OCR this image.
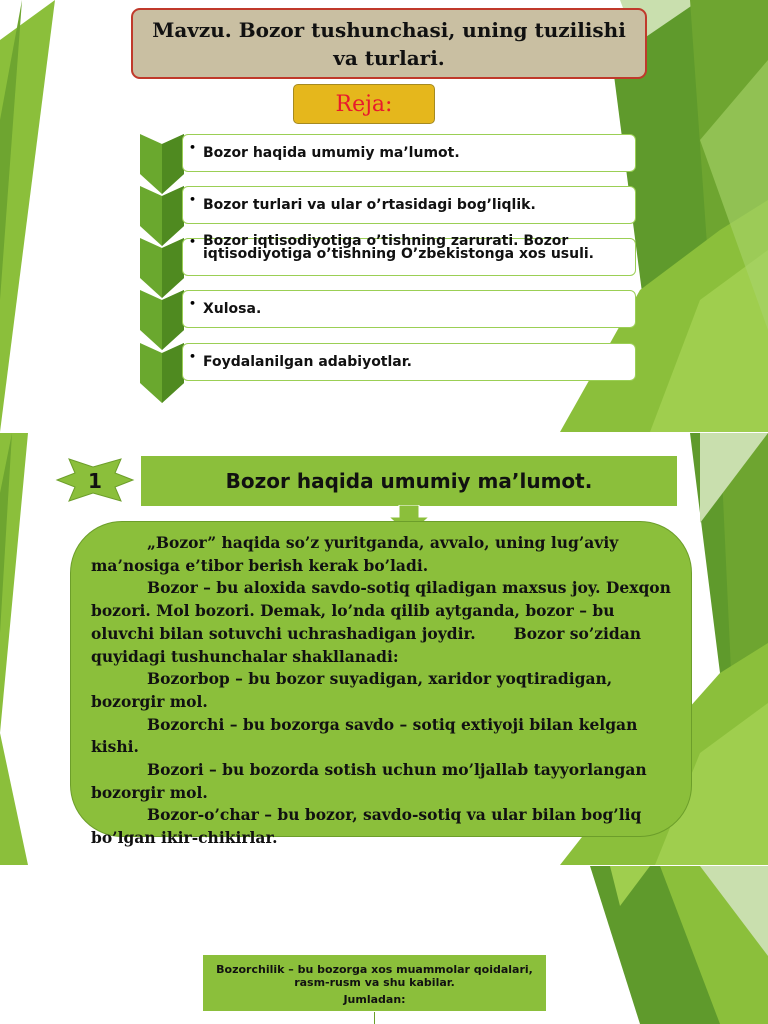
Mavzu. Bozor tushunchasi, uning tuzilishi va turlari.
Reja:
• Bozor haqida umumiy ma’lumot.
• Bozor turlari va ular o’rtasidagi bog’liqlik.
• Bozor iqtisodiyotiga o’tishning zarurati. Bozor iqtisodiyotiga o’tishning O’zbekistonga xos usuli.
• Xulosa.
• Foydalanilgan adabiyotlar.
1	Bozor haqida umumiy ma’lumot.

„Bozor” haqida so’z yuritganda, avvalo, uning lug’aviy ma’nosiga e’tibor berish kerak bo’ladi.

Bozor – bu aloxida savdo-sotiq qiladigan maxsus joy. Dexqon bozori. Mol bozori. Demak, lo’nda qilib aytganda, bozor – bu oluvchi bilan sotuvchi uchrashadigan joydir. Bozor so’zidan quyidagi tushunchalar shakllanadi:

Bozorbop – bu bozor suyadigan, xaridor yoqtiradigan, bozorgir mol.

Bozorchi – bu bozorga savdo – sotiq extiyoji bilan kelgan kishi.

Bozori – bu bozorda sotish uchun mo’ljallab tayyorlangan bozorgir mol.

Bozor-o’char – bu bozor, savdo-sotiq va ular bilan bog’liq bo’lgan ikir-chikirlar.

Bozorchilik – bu bozorga xos muammolar qoidalari, rasm-rusm va shu kabilar.
Jumladan:
